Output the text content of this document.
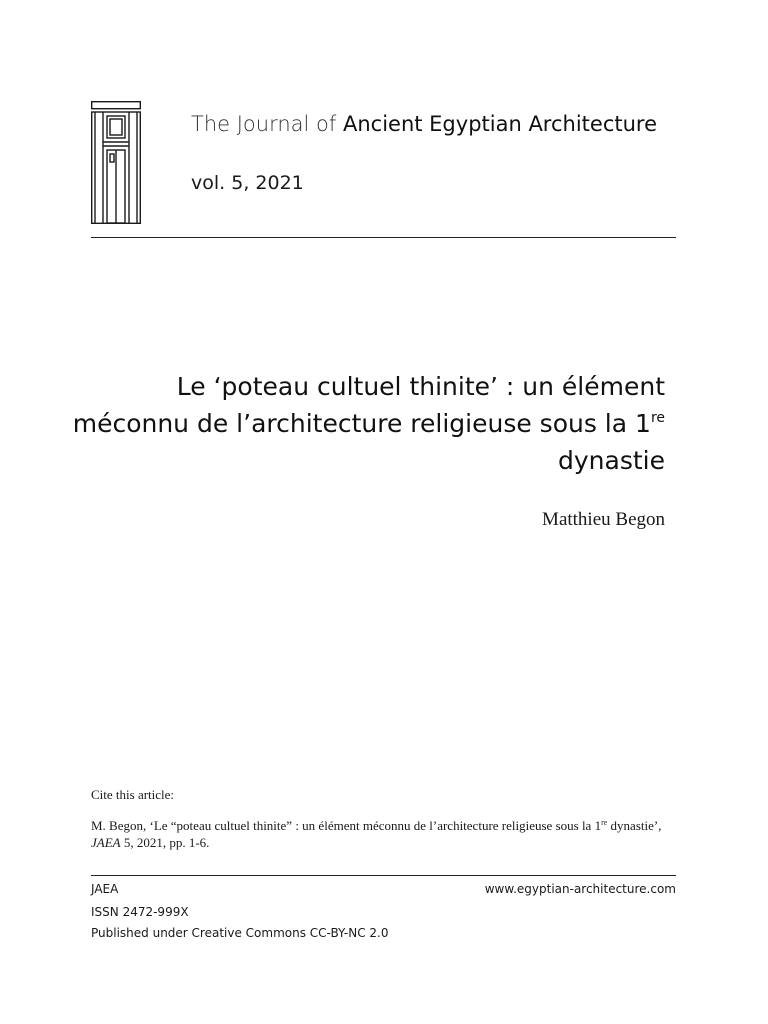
The Journal of Ancient Egyptian Architecture
vol. 5, 2021
Le ‘poteau cultuel thinite’ : un élément méconnu de l’architecture religieuse sous la 1re dynastie
Matthieu Begon
Cite this article:
M. Begon, ‘Le “poteau cultuel thinite” : un élément méconnu de l’architecture religieuse sous la 1re dynastie’, JAEA 5, 2021, pp. 1-6.
JAEA	www.egyptian-architecture.com
ISSN 2472-999X
Published under Creative Commons CC-BY-NC 2.0
